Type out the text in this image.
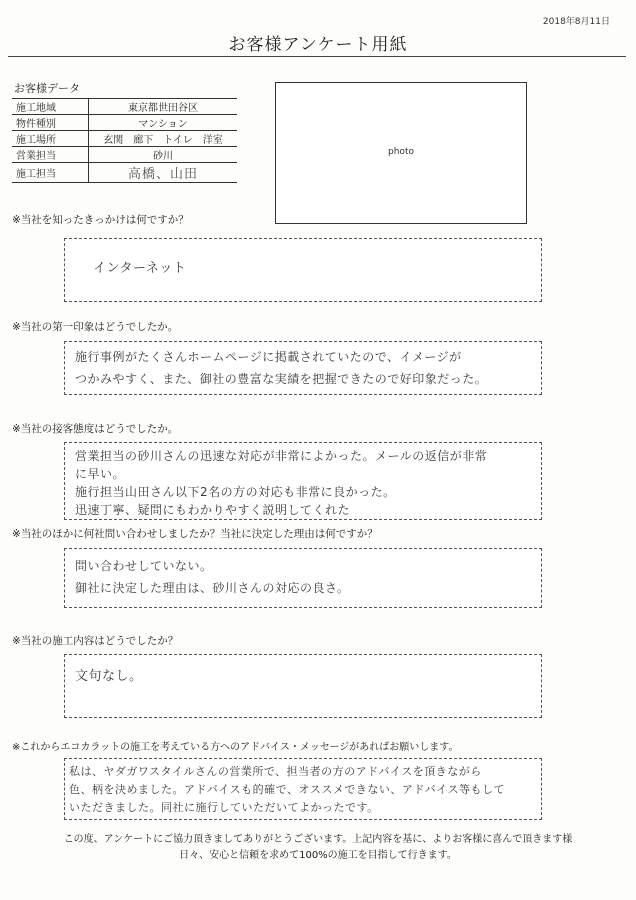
2018年8月11日
お客様アンケート用紙
お客様データ
施工地域	東京都世田谷区
物件種別	マンション
施工場所	玄関　廊下　トイレ　洋室
営業担当	砂川
施工担当	高橋、山田
photo
※当社を知ったきっかけは何ですか？
インターネット
※当社の第一印象はどうでしたか。
施行事例がたくさんホームページに掲載されていたので、イメージが
つかみやすく、また、御社の豊富な実績を把握できたので好印象だった。
※当社の接客態度はどうでしたか。
営業担当の砂川さんの迅速な対応が非常によかった。メールの返信が非常
に早い。
施行担当山田さん以下2名の方の対応も非常に良かった。
迅速丁寧、疑問にもわかりやすく説明してくれた
※当社のほかに何社問い合わせしましたか？当社に決定した理由は何ですか？
問い合わせしていない。
御社に決定した理由は、砂川さんの対応の良さ。
※当社の施工内容はどうでしたか？
文句なし。
※これからエコカラットの施工を考えている方へのアドバイス・メッセージがあればお願いします。
私は、ヤダガワスタイルさんの営業所で、担当者の方のアドバイスを頂きながら
色、柄を決めました。アドバイスも的確で、オススメできない、アドバイス等もして
いただきました。同社に施行していただいてよかったです。
この度、アンケートにご協力頂きましてありがとうございます。上記内容を基に、よりお客様に喜んで頂きます様
日々、安心と信頼を求めて100%の施工を目指して行きます。
